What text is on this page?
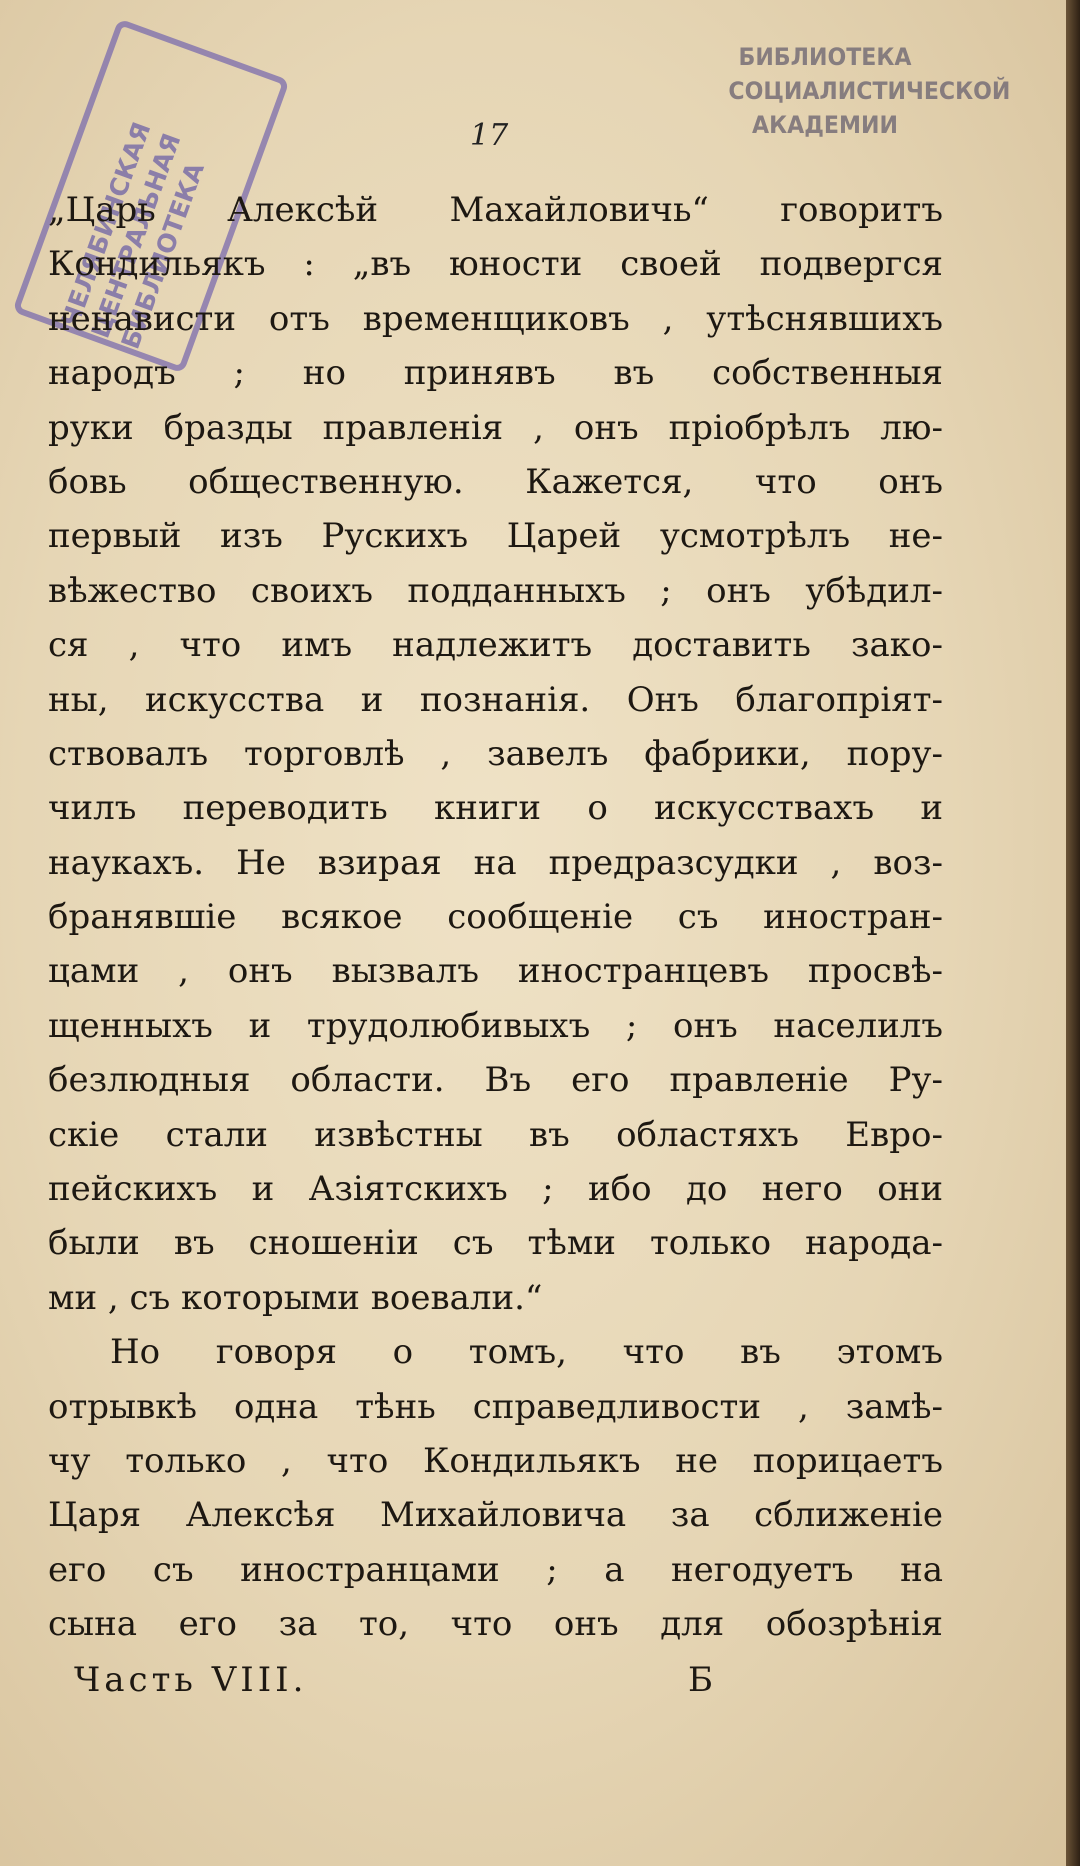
ЧЕЛЯБИНСКАЯ ЦЕНТРАЛЬНАЯ БИБЛИОТЕКА
БИБЛИОТЕКА
СОЦИАЛИСТИЧЕСКОЙ
АКАДЕМИИ
17
„Царь Алексѣй Махайловичь“ говоритъ
Кондильякъ : „въ юности своей подвергся
ненависти отъ временщиковъ , утѣснявшихъ
народъ ; но принявъ въ собственныя
руки бразды правленія , онъ пріобрѣлъ лю-
бовь общественную. Кажется, что онъ
первый изъ Рускихъ Царей усмотрѣлъ не-
вѣжество своихъ подданныхъ ; онъ убѣдил-
ся , что имъ надлежитъ доставить зако-
ны, искусства и познанія. Онъ благопріят-
ствовалъ торговлѣ , завелъ фабрики, пору-
чилъ переводить книги о искусствахъ и
наукахъ. Не взирая на предразсудки , воз-
бранявшіе всякое сообщеніе съ иностран-
цами , онъ вызвалъ иностранцевъ просвѣ-
щенныхъ и трудолюбивыхъ ; онъ населилъ
безлюдныя области. Въ его правленіе Ру-
скіе стали извѣстны въ областяхъ Евро-
пейскихъ и Азіятскихъ ; ибо до него они
были въ сношеніи съ тѣми только народа-
ми , съ которыми воевали.“
Но говоря о томъ, что въ этомъ
отрывкѣ одна тѣнь справедливости , замѣ-
чу только , что Кондильякъ не порицаетъ
Царя Алексѣя Михайловича за сближеніе
его съ иностранцами ; а негодуетъ на
сына его за то, что онъ для обозрѣнія
Часть VIII.	Б
